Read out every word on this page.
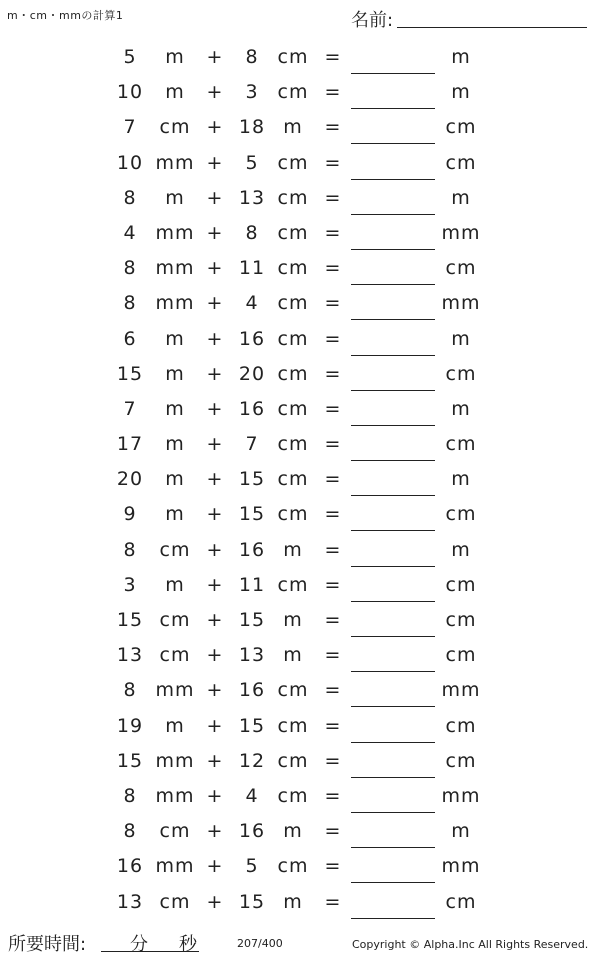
m・cm・mmの計算1	名前:
5	m	+	8 cm =	m
10	m	+	3 cm =	m
7	cm + 18 m	=	cm
10 mm +	5 cm =	cm
8	m	+ 13 cm =	m
4 mm +	8 cm =	mm
8 mm + 11 cm =	cm
8 mm +	4 cm =	mm
6	m	+ 16 cm =	m
15	m	+ 20 cm =	cm
7	m	+ 16 cm =	m
17	m	+	7 cm =	cm
20	m	+ 15 cm =	m
9	m	+ 15 cm =	cm
8	cm + 16 m	=	m
3	m	+ 11 cm =	cm
15 cm + 15 m	=	cm
13 cm + 13 m	=	cm
8 mm + 16 cm =	mm
19	m	+ 15 cm =	cm
15 mm + 12 cm =	cm
8 mm +	4 cm =	mm
8	cm + 16 m	=	m
16 mm +	5 cm =	mm
13 cm + 15 m	=	cm
所要時間: 分 秒	207/400	Copyright © Alpha.Inc All Rights Reserved.
